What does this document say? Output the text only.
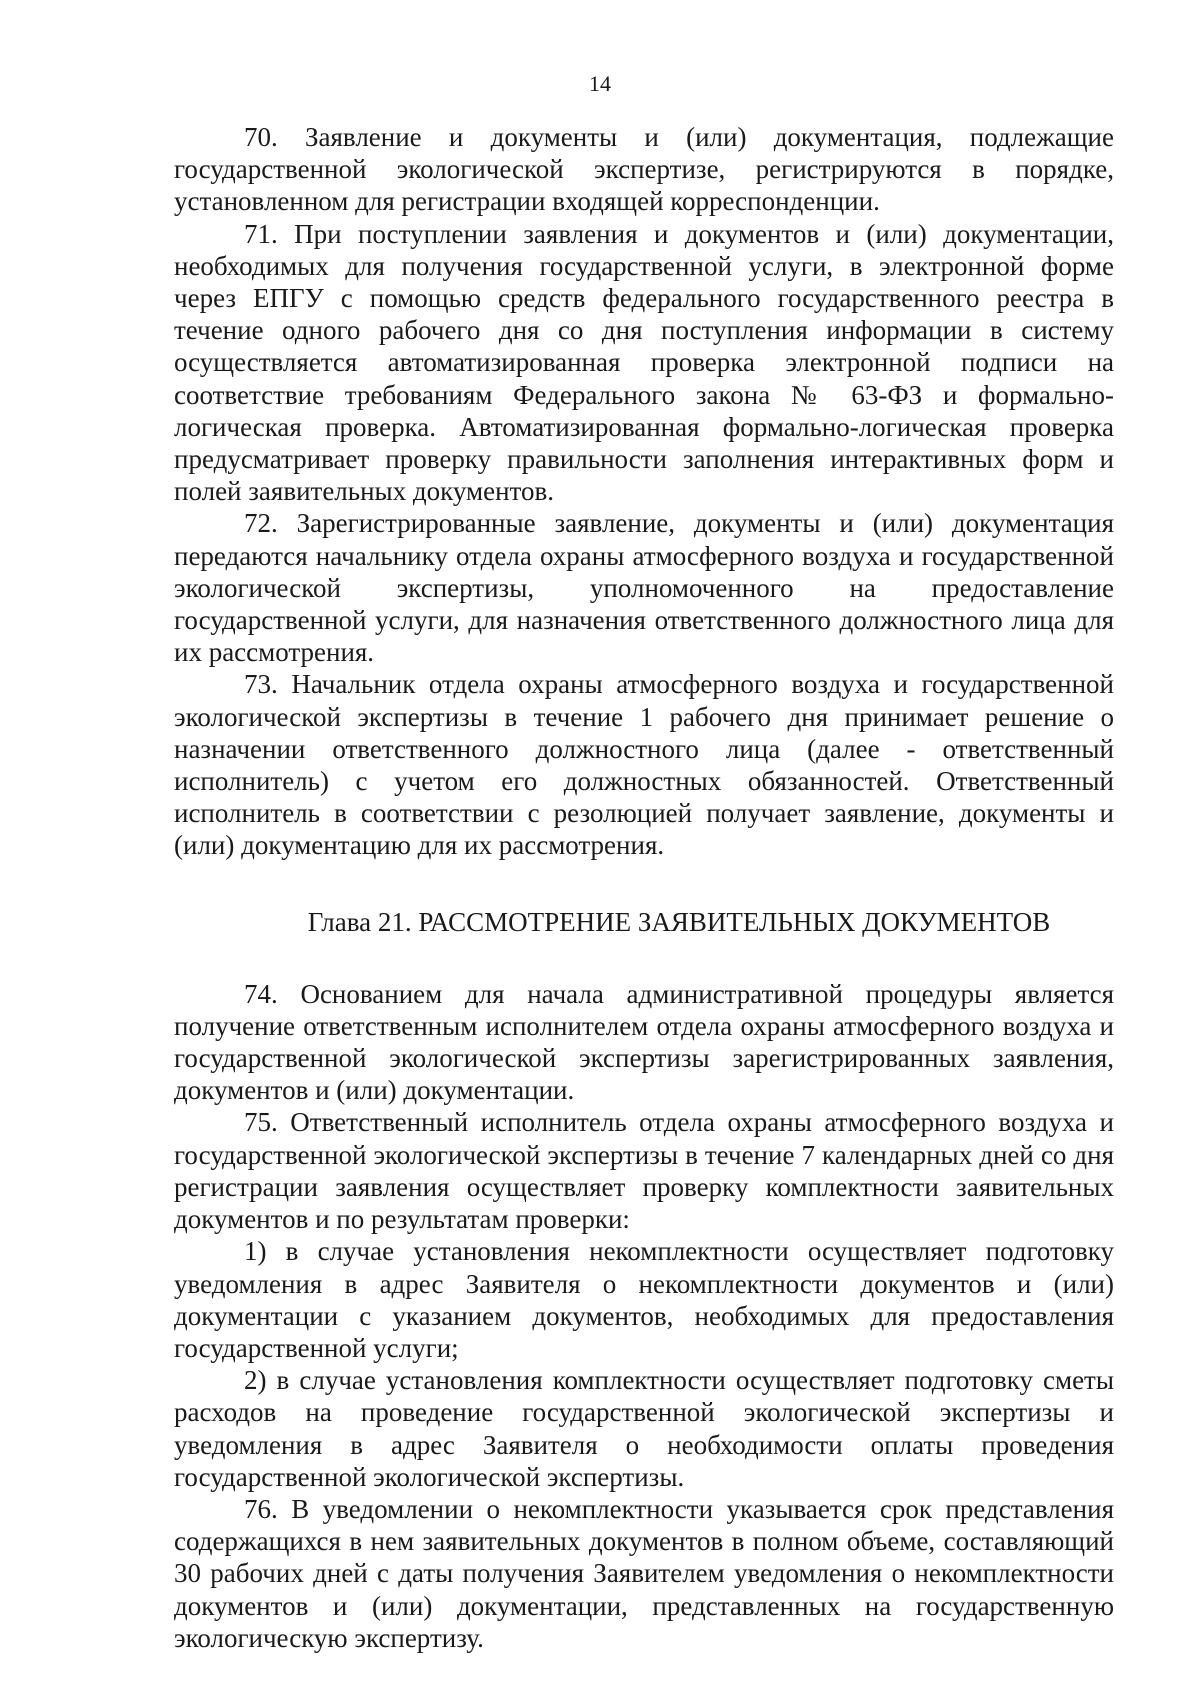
14

70. Заявление и документы и (или) документация, подлежащие государственной экологической экспертизе, регистрируются в порядке, установленном для регистрации входящей корреспонденции.

71. При поступлении заявления и документов и (или) документации, необходимых для получения государственной услуги, в электронной форме через ЕПГУ с помощью средств федерального государственного реестра в течение одного рабочего дня со дня поступления информации в систему осуществляется автоматизированная проверка электронной подписи на соответствие требованиям Федерального закона № 63-ФЗ и формально-логическая проверка. Автоматизированная формально-логическая проверка предусматривает проверку правильности заполнения интерактивных форм и полей заявительных документов.

72. Зарегистрированные заявление, документы и (или) документация передаются начальнику отдела охраны атмосферного воздуха и государственной экологической экспертизы, уполномоченного на предоставление государственной услуги, для назначения ответственного должностного лица для их рассмотрения.

73. Начальник отдела охраны атмосферного воздуха и государственной экологической экспертизы в течение 1 рабочего дня принимает решение о назначении ответственного должностного лица (далее - ответственный исполнитель) с учетом его должностных обязанностей. Ответственный исполнитель в соответствии с резолюцией получает заявление, документы и (или) документацию для их рассмотрения.

Глава 21. РАССМОТРЕНИЕ ЗАЯВИТЕЛЬНЫХ ДОКУМЕНТОВ

74. Основанием для начала административной процедуры является получение ответственным исполнителем отдела охраны атмосферного воздуха и государственной экологической экспертизы зарегистрированных заявления, документов и (или) документации.

75. Ответственный исполнитель отдела охраны атмосферного воздуха и государственной экологической экспертизы в течение 7 календарных дней со дня регистрации заявления осуществляет проверку комплектности заявительных документов и по результатам проверки:

1) в случае установления некомплектности осуществляет подготовку уведомления в адрес Заявителя о некомплектности документов и (или) документации с указанием документов, необходимых для предоставления государственной услуги;

2) в случае установления комплектности осуществляет подготовку сметы расходов на проведение государственной экологической экспертизы и уведомления в адрес Заявителя о необходимости оплаты проведения государственной экологической экспертизы.

76. В уведомлении о некомплектности указывается срок представления содержащихся в нем заявительных документов в полном объеме, составляющий 30 рабочих дней с даты получения Заявителем уведомления о некомплектности документов и (или) документации, представленных на государственную экологическую экспертизу.
